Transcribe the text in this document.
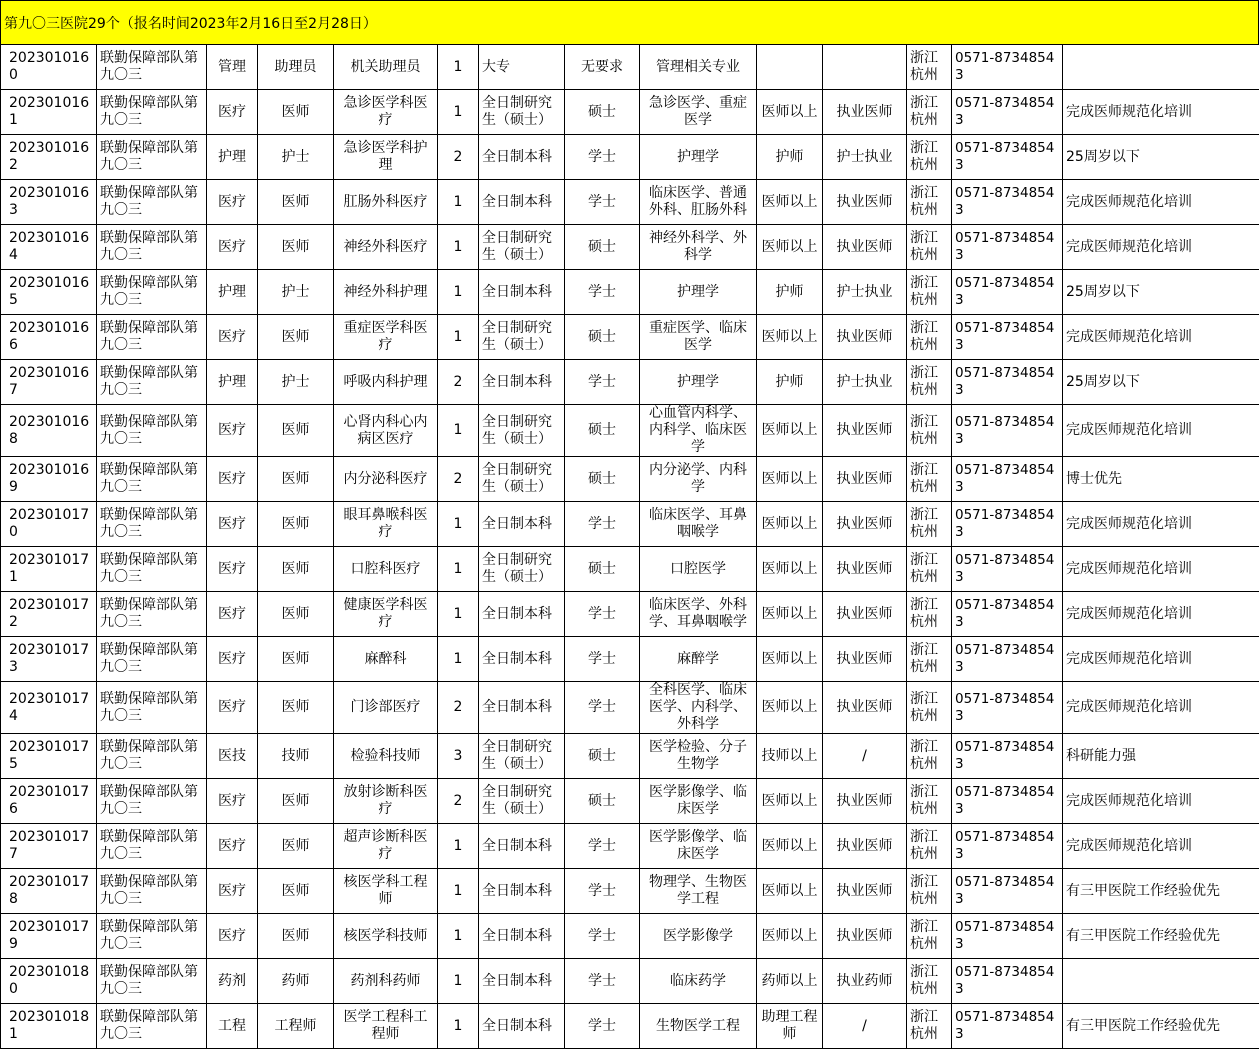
第九〇三医院29个（报名时间2023年2月16日至2月28日）
2023010160	联勤保障部队第九〇三	管理	助理员	机关助理员	1	大专	无要求	管理相关专业			浙江杭州	0571-87348543	
2023010161	联勤保障部队第九〇三	医疗	医师	急诊医学科医疗	1	全日制研究生（硕士）	硕士	急诊医学、重症医学	医师以上	执业医师	浙江杭州	0571-87348543	完成医师规范化培训
2023010162	联勤保障部队第九〇三	护理	护士	急诊医学科护理	2	全日制本科	学士	护理学	护师	护士执业	浙江杭州	0571-87348543	25周岁以下
2023010163	联勤保障部队第九〇三	医疗	医师	肛肠外科医疗	1	全日制本科	学士	临床医学、普通外科、肛肠外科	医师以上	执业医师	浙江杭州	0571-87348543	完成医师规范化培训
2023010164	联勤保障部队第九〇三	医疗	医师	神经外科医疗	1	全日制研究生（硕士）	硕士	神经外科学、外科学	医师以上	执业医师	浙江杭州	0571-87348543	完成医师规范化培训
2023010165	联勤保障部队第九〇三	护理	护士	神经外科护理	1	全日制本科	学士	护理学	护师	护士执业	浙江杭州	0571-87348543	25周岁以下
2023010166	联勤保障部队第九〇三	医疗	医师	重症医学科医疗	1	全日制研究生（硕士）	硕士	重症医学、临床医学	医师以上	执业医师	浙江杭州	0571-87348543	完成医师规范化培训
2023010167	联勤保障部队第九〇三	护理	护士	呼吸内科护理	2	全日制本科	学士	护理学	护师	护士执业	浙江杭州	0571-87348543	25周岁以下
2023010168	联勤保障部队第九〇三	医疗	医师	心肾内科心内病区医疗	1	全日制研究生（硕士）	硕士	心血管内科学、内科学、临床医学	医师以上	执业医师	浙江杭州	0571-87348543	完成医师规范化培训
2023010169	联勤保障部队第九〇三	医疗	医师	内分泌科医疗	2	全日制研究生（硕士）	硕士	内分泌学、内科学	医师以上	执业医师	浙江杭州	0571-87348543	博士优先
2023010170	联勤保障部队第九〇三	医疗	医师	眼耳鼻喉科医疗	1	全日制本科	学士	临床医学、耳鼻咽喉学	医师以上	执业医师	浙江杭州	0571-87348543	完成医师规范化培训
2023010171	联勤保障部队第九〇三	医疗	医师	口腔科医疗	1	全日制研究生（硕士）	硕士	口腔医学	医师以上	执业医师	浙江杭州	0571-87348543	完成医师规范化培训
2023010172	联勤保障部队第九〇三	医疗	医师	健康医学科医疗	1	全日制本科	学士	临床医学、外科学、耳鼻咽喉学	医师以上	执业医师	浙江杭州	0571-87348543	完成医师规范化培训
2023010173	联勤保障部队第九〇三	医疗	医师	麻醉科	1	全日制本科	学士	麻醉学	医师以上	执业医师	浙江杭州	0571-87348543	完成医师规范化培训
2023010174	联勤保障部队第九〇三	医疗	医师	门诊部医疗	2	全日制本科	学士	全科医学、临床医学、内科学、外科学	医师以上	执业医师	浙江杭州	0571-87348543	完成医师规范化培训
2023010175	联勤保障部队第九〇三	医技	技师	检验科技师	3	全日制研究生（硕士）	硕士	医学检验、分子生物学	技师以上	/	浙江杭州	0571-87348543	科研能力强
2023010176	联勤保障部队第九〇三	医疗	医师	放射诊断科医疗	2	全日制研究生（硕士）	硕士	医学影像学、临床医学	医师以上	执业医师	浙江杭州	0571-87348543	完成医师规范化培训
2023010177	联勤保障部队第九〇三	医疗	医师	超声诊断科医疗	1	全日制本科	学士	医学影像学、临床医学	医师以上	执业医师	浙江杭州	0571-87348543	完成医师规范化培训
2023010178	联勤保障部队第九〇三	医疗	医师	核医学科工程师	1	全日制本科	学士	物理学、生物医学工程	医师以上	执业医师	浙江杭州	0571-87348543	有三甲医院工作经验优先
2023010179	联勤保障部队第九〇三	医疗	医师	核医学科技师	1	全日制本科	学士	医学影像学	医师以上	执业医师	浙江杭州	0571-87348543	有三甲医院工作经验优先
2023010180	联勤保障部队第九〇三	药剂	药师	药剂科药师	1	全日制本科	学士	临床药学	药师以上	执业药师	浙江杭州	0571-87348543	
2023010181	联勤保障部队第九〇三	工程	工程师	医学工程科工程师	1	全日制本科	学士	生物医学工程	助理工程师	/	浙江杭州	0571-87348543	有三甲医院工作经验优先
